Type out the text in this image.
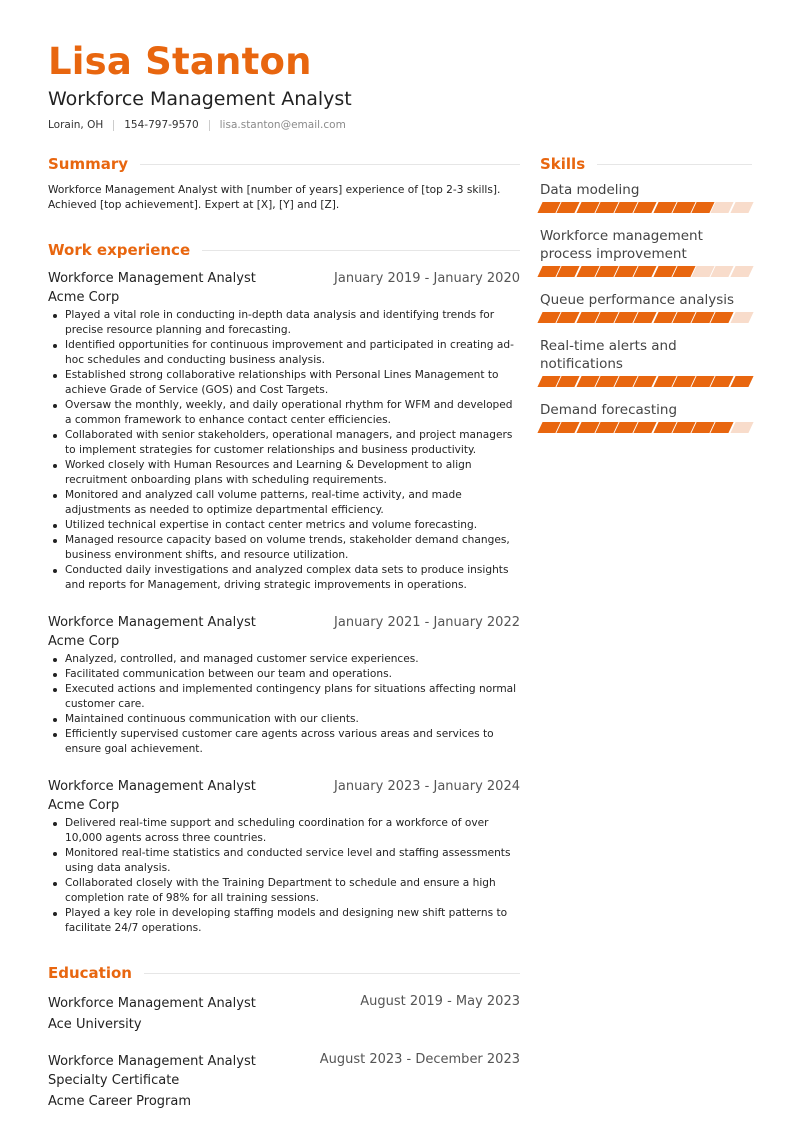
Lisa Stanton
Workforce Management Analyst
Lorain, OH 154-797-9570 lisa.stanton@email.com
Summary

Workforce Management Analyst with [number of years] experience of [top 2-3 skills]. Achieved [top achievement]. Expert at [X], [Y] and [Z].

Work experience
Workforce Management Analyst	January 2019 - January 2020
Acme Corp
Played a vital role in conducting in-depth data analysis and identifying trends for precise resource planning and forecasting.
Identified opportunities for continuous improvement and participated in creating ad-hoc schedules and conducting business analysis.
Established strong collaborative relationships with Personal Lines Management to achieve Grade of Service (GOS) and Cost Targets.
Oversaw the monthly, weekly, and daily operational rhythm for WFM and developed a common framework to enhance contact center efficiencies.
Collaborated with senior stakeholders, operational managers, and project managers to implement strategies for customer relationships and business productivity.
Worked closely with Human Resources and Learning & Development to align recruitment onboarding plans with scheduling requirements.
Monitored and analyzed call volume patterns, real-time activity, and made adjustments as needed to optimize departmental efficiency.
Utilized technical expertise in contact center metrics and volume forecasting.
Managed resource capacity based on volume trends, stakeholder demand changes, business environment shifts, and resource utilization.
Conducted daily investigations and analyzed complex data sets to produce insights and reports for Management, driving strategic improvements in operations.
Workforce Management Analyst	January 2021 - January 2022
Acme Corp
Analyzed, controlled, and managed customer service experiences.
Facilitated communication between our team and operations.
Executed actions and implemented contingency plans for situations affecting normal customer care.
Maintained continuous communication with our clients.
Efficiently supervised customer care agents across various areas and services to ensure goal achievement.
Workforce Management Analyst	January 2023 - January 2024
Acme Corp
Delivered real-time support and scheduling coordination for a workforce of over 10,000 agents across three countries.
Monitored real-time statistics and conducted service level and staffing assessments using data analysis.
Collaborated closely with the Training Department to schedule and ensure a high completion rate of 98% for all training sessions.
Played a key role in developing staffing models and designing new shift patterns to facilitate 24/7 operations.
Education
Workforce Management Analyst	August 2019 - May 2023
Ace University
Workforce Management Analyst Specialty Certificate
August 2023 - December 2023
Acme Career Program
Skills
Data modeling
Workforce management process improvement
Queue performance analysis
Real-time alerts and notifications
Demand forecasting
